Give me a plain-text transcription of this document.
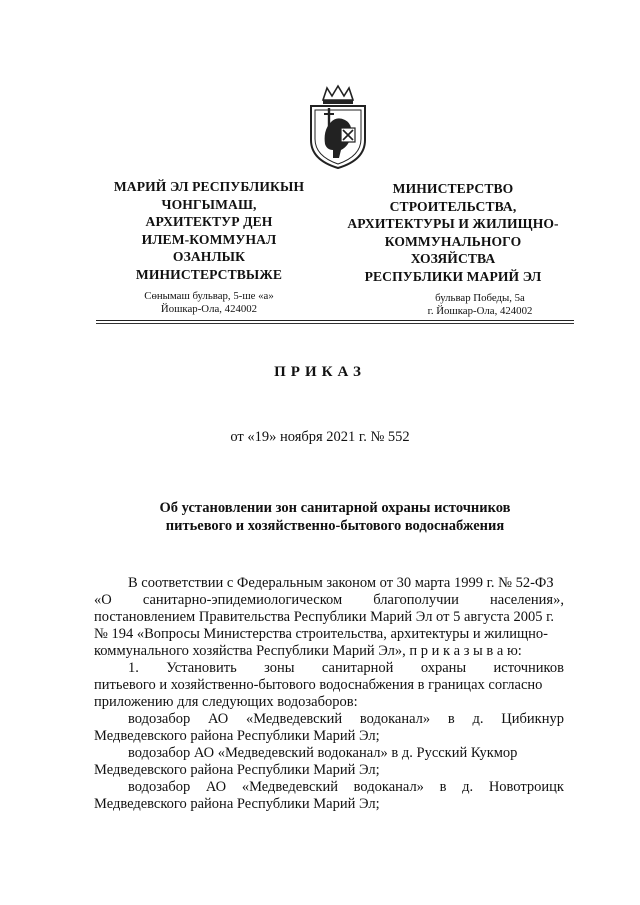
МАРИЙ ЭЛ РЕСПУБЛИКЫН
ЧОНГЫМАШ,
АРХИТЕКТУР ДЕН
ИЛЕМ-КОММУНАЛ
ОЗАНЛЫК
МИНИСТЕРСТВЫЖЕ
МИНИСТЕРСТВО
СТРОИТЕЛЬСТВА,
АРХИТЕКТУРЫ И ЖИЛИЩНО-
КОММУНАЛЬНОГО
ХОЗЯЙСТВА
РЕСПУБЛИКИ МАРИЙ ЭЛ
Сөнымаш бульвар, 5-ше «а»
Йошкар-Ола, 424002
бульвар Победы, 5а
г. Йошкар-Ола, 424002
ПРИКАЗ
от «19» ноября 2021 г. № 552
Об установлении зон санитарной охраны источников
питьевого и хозяйственно-бытового водоснабжения
В соответствии с Федеральным законом от 30 марта 1999 г. № 52-ФЗ
«О санитарно-эпидемиологическом благополучии населения»,
постановлением Правительства Республики Марий Эл от 5 августа 2005 г.
№ 194 «Вопросы Министерства строительства, архитектуры и жилищно-
коммунального хозяйства Республики Марий Эл», п р и к а з ы в а ю:
1. Установить зоны санитарной охраны источников
питьевого и хозяйственно-бытового водоснабжения в границах согласно
приложению для следующих водозаборов:
водозабор АО «Медведевский водоканал» в д. Цибикнур
Медведевского района Республики Марий Эл;
водозабор АО «Медведевский водоканал» в д. Русский Кукмор
Медведевского района Республики Марий Эл;
водозабор АО «Медведевский водоканал» в д. Новотроицк
Медведевского района Республики Марий Эл;
